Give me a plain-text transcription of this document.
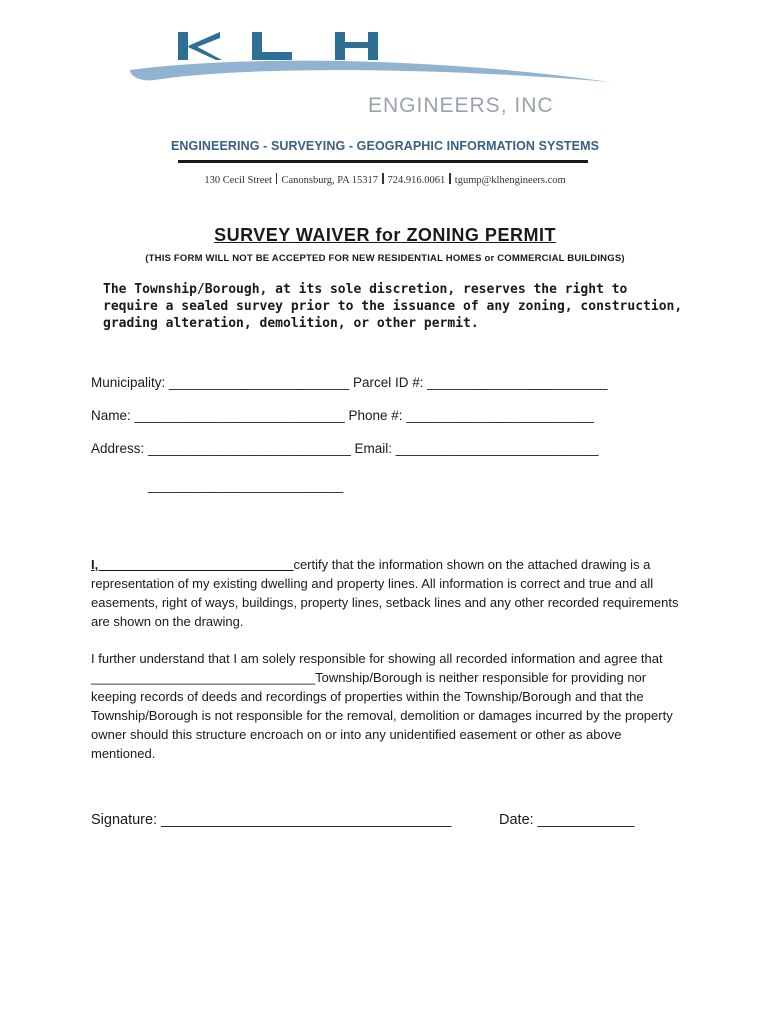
ENGINEERS, INC
ENGINEERING - SURVEYING - GEOGRAPHIC INFORMATION SYSTEMS
130 Cecil Street Canonsburg, PA 15317 724.916.0061 tgump@klhengineers.com
SURVEY WAIVER for ZONING PERMIT
(THIS FORM WILL NOT BE ACCEPTED FOR NEW RESIDENTIAL HOMES or COMMERCIAL BUILDINGS)
The Township/Borough, at its sole discretion, reserves the right to require a sealed survey prior to the issuance of any zoning, construction, grading alteration, demolition, or other permit.
Municipality: ________________________ Parcel ID #: ________________________
Name: ____________________________ Phone #: _________________________
Address: ___________________________ Email: ___________________________
__________________________
I,___________________________certify that the information shown on the attached drawing is a representation of my existing dwelling and property lines. All information is correct and true and all easements, right of ways, buildings, property lines, setback lines and any other recorded requirements are shown on the drawing.
I further understand that I am solely responsible for showing all recorded information and agree that _______________________________Township/Borough is neither responsible for providing nor keeping records of deeds and recordings of properties within the Township/Borough and that the Township/Borough is not responsible for the removal, demolition or damages incurred by the property owner should this structure encroach on or into any unidentified easement or other as above mentioned.
Signature: ____________________________________	Date: ____________
